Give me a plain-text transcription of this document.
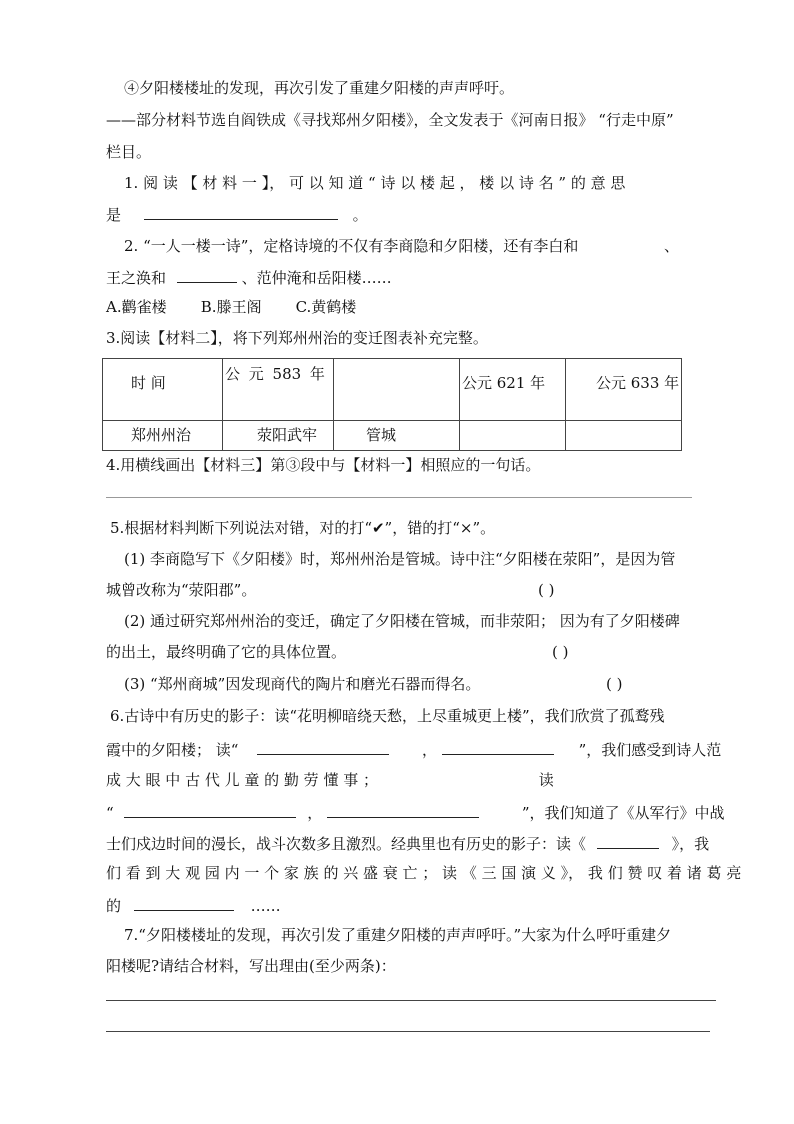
④夕阳楼楼址的发现，再次引发了重建夕阳楼的声声呼吁。
——部分材料节选自阎铁成《寻找郑州夕阳楼》，全文发表于《河南日报》 “行走中原”
栏目。
1. 阅 读 【 材 料 一 】， 可 以 知 道 “ 诗 以 楼 起 ， 楼 以 诗 名 ” 的 意 思
是	。
2. “一人一楼一诗”，定格诗境的不仅有李商隐和夕阳楼，还有李白和	、
王之涣和	、范仲淹和岳阳楼……
A.鹳雀楼 B.滕王阁 C.黄鹤楼
3.阅读【材料二】，将下列郑州州治的变迁图表补充完整。
时 间	公 元 583 年		公元 621 年	公元 633 年

郑州州治	荥阳武牢	管城		

4.用横线画出【材料三】第③段中与【材料一】相照应的一句话。
5.根据材料判断下列说法对错，对的打“✔”，错的打“×”。
(1) 李商隐写下《夕阳楼》时，郑州州治是管城。诗中注“夕阳楼在荥阳”，是因为管
城曾改称为“荥阳郡”。	( )
(2) 通过研究郑州州治的变迁，确定了夕阳楼在管城，而非荥阳； 因为有了夕阳楼碑
的出土，最终明确了它的具体位置。	( )
(3) “郑州商城”因发现商代的陶片和磨光石器而得名。	( )
6.古诗中有历史的影子：读“花明柳暗绕天愁，上尽重城更上楼”，我们欣赏了孤鹜残
霞中的夕阳楼； 读“	，	”，我们感受到诗人范
成 大 眼 中 古 代 儿 童 的 勤 劳 懂 事 ；	读
“	，	”，我们知道了《从军行》中战
士们戍边时间的漫长，战斗次数多且激烈。经典里也有历史的影子：读《	》，我
们 看 到 大 观 园 内 一 个 家 族 的 兴 盛 衰 亡 ； 读 《 三 国 演 义 》， 我 们 赞 叹 着 诸 葛 亮
的	……
7.“夕阳楼楼址的发现，再次引发了重建夕阳楼的声声呼吁。”大家为什么呼吁重建夕
阳楼呢?请结合材料，写出理由(至少两条)：
